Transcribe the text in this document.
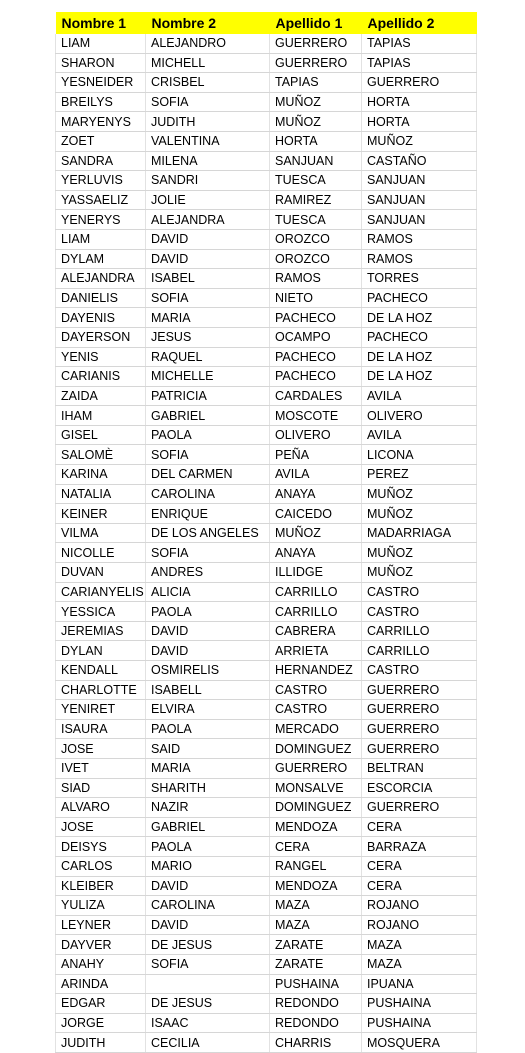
Nombre 1	Nombre 2	Apellido 1	Apellido 2
LIAM	ALEJANDRO	GUERRERO	TAPIAS
SHARON	MICHELL	GUERRERO	TAPIAS
YESNEIDER	CRISBEL	TAPIAS	GUERRERO
BREILYS	SOFIA	MUÑOZ	HORTA
MARYENYS	JUDITH	MUÑOZ	HORTA
ZOET	VALENTINA	HORTA	MUÑOZ
SANDRA	MILENA	SANJUAN	CASTAÑO
YERLUVIS	SANDRI	TUESCA	SANJUAN
YASSAELIZ	JOLIE	RAMIREZ	SANJUAN
YENERYS	ALEJANDRA	TUESCA	SANJUAN
LIAM	DAVID	OROZCO	RAMOS
DYLAM	DAVID	OROZCO	RAMOS
ALEJANDRA	ISABEL	RAMOS	TORRES
DANIELIS	SOFIA	NIETO	PACHECO
DAYENIS	MARIA	PACHECO	DE LA HOZ
DAYERSON	JESUS	OCAMPO	PACHECO
YENIS	RAQUEL	PACHECO	DE LA HOZ
CARIANIS	MICHELLE	PACHECO	DE LA HOZ
ZAIDA	PATRICIA	CARDALES	AVILA
IHAM	GABRIEL	MOSCOTE	OLIVERO
GISEL	PAOLA	OLIVERO	AVILA
SALOMÈ	SOFIA	PEÑA	LICONA
KARINA	DEL CARMEN	AVILA	PEREZ
NATALIA	CAROLINA	ANAYA	MUÑOZ
KEINER	ENRIQUE	CAICEDO	MUÑOZ
VILMA	DE LOS ANGELES	MUÑOZ	MADARRIAGA
NICOLLE	SOFIA	ANAYA	MUÑOZ
DUVAN	ANDRES	ILLIDGE	MUÑOZ
CARIANYELIS	ALICIA	CARRILLO	CASTRO
YESSICA	PAOLA	CARRILLO	CASTRO
JEREMIAS	DAVID	CABRERA	CARRILLO
DYLAN	DAVID	ARRIETA	CARRILLO
KENDALL	OSMIRELIS	HERNANDEZ	CASTRO
CHARLOTTE	ISABELL	CASTRO	GUERRERO
YENIRET	ELVIRA	CASTRO	GUERRERO
ISAURA	PAOLA	MERCADO	GUERRERO
JOSE	SAID	DOMINGUEZ	GUERRERO
IVET	MARIA	GUERRERO	BELTRAN
SIAD	SHARITH	MONSALVE	ESCORCIA
ALVARO	NAZIR	DOMINGUEZ	GUERRERO
JOSE	GABRIEL	MENDOZA	CERA
DEISYS	PAOLA	CERA	BARRAZA
CARLOS	MARIO	RANGEL	CERA
KLEIBER	DAVID	MENDOZA	CERA
YULIZA	CAROLINA	MAZA	ROJANO
LEYNER	DAVID	MAZA	ROJANO
DAYVER	DE JESUS	ZARATE	MAZA
ANAHY	SOFIA	ZARATE	MAZA
ARINDA		PUSHAINA	IPUANA
EDGAR	DE JESUS	REDONDO	PUSHAINA
JORGE	ISAAC	REDONDO	PUSHAINA
JUDITH	CECILIA	CHARRIS	MOSQUERA
